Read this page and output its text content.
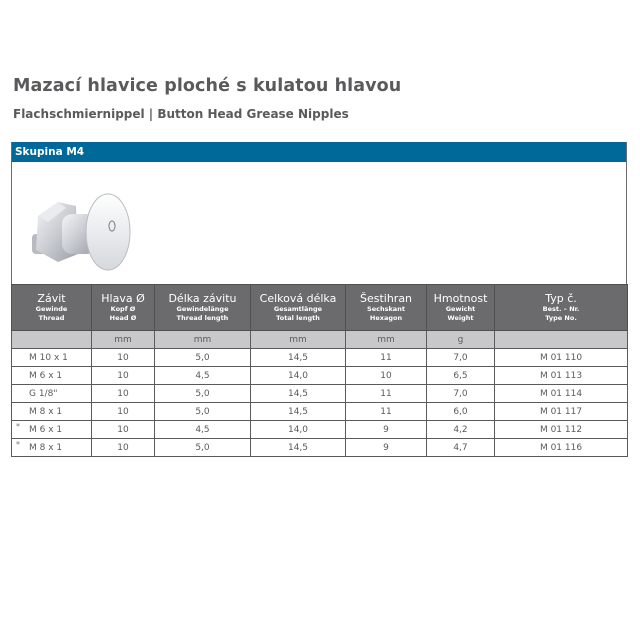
Mazací hlavice ploché s kulatou hlavou
Flachschmiernippel | Button Head Grease Nipples
Skupina M4
Závit
Gewinde
Thread	Hlava Ø
Kopf Ø
Head Ø	Délka závitu
Gewindelänge
Thread length	Celková délka
Gesamtlänge
Total length	Šestihran
Sechskant
Hexagon	Hmotnost
Gewicht
Weight	Typ č.
Best. – Nr.
Type No.

	mm	mm	mm	mm	g	

M 10 x 1	10	5,0	14,5	11	7,0	M 01 110

M 6 x 1	10	4,5	14,0	10	6,5	M 01 113

G 1/8"	10	5,0	14,5	11	7,0	M 01 114

M 8 x 1	10	5,0	14,5	11	6,0	M 01 117

* M 6 x 1	10	4,5	14,0	9	4,2	M 01 112

* M 8 x 1	10	5,0	14,5	9	4,7	M 01 116
